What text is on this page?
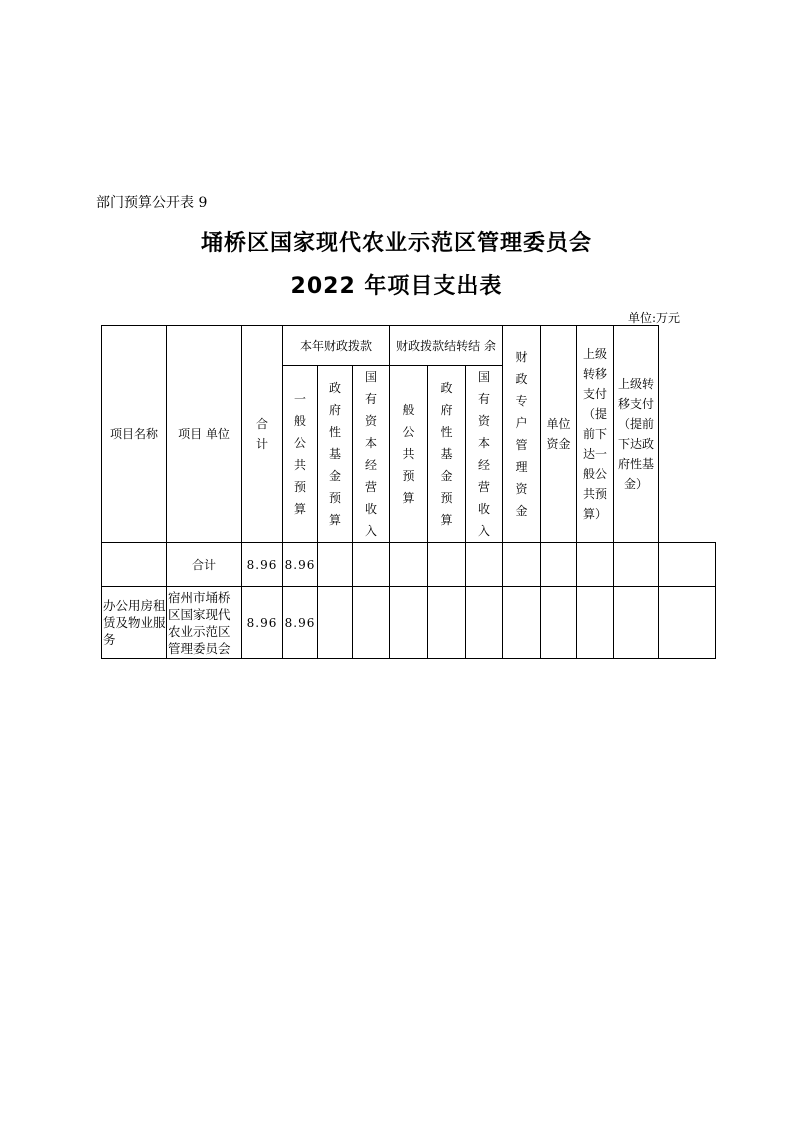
部门预算公开表 9
埇桥区国家现代农业示范区管理委员会
2022 年项目支出表
单位:万元
项目名称	项目 单位	合计	本年财政拨款			财政拨款结转结 余			财政专户管理资金	单位资金	上级转移支付（提前下达一般公共预算）	上级转移支付（提前下达政府性基金）	
			一般公共预算	政府性基金预算	国有资本经营收入	般公共预算	政府性基金预算	国有资本经营收入					
	合计	8.96	8.96										
办公用房租赁及物业服务	宿州市埇桥区国家现代农业示范区管理委员会	8.96	8.96										
